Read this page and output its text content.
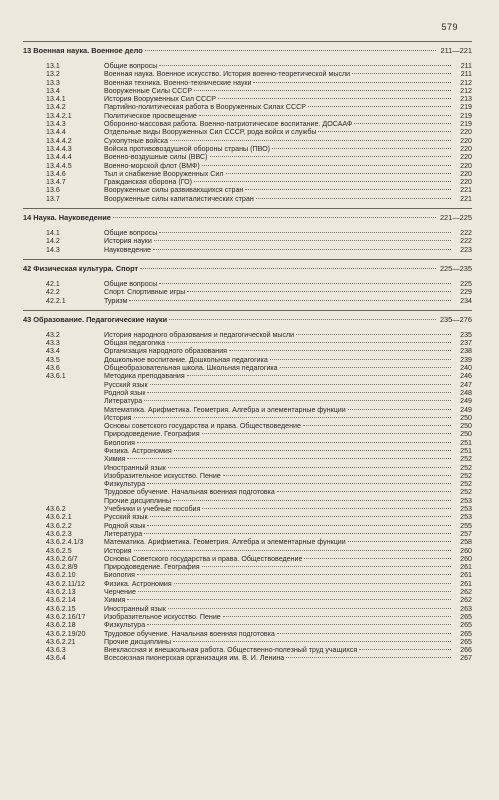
579
13 Военная наука. Военное дело	211—221
13.1	Общие вопросы	211
13.2	Военная наука. Военное искусство. История военно-теоретической мысли	211
13.3	Военная техника. Военно-технические науки	212
13.4	Вооруженные Силы СССР	212
13.4.1	История Вооруженных Сил СССР	213
13.4.2	Партийно-политическая работа в Вооруженных Силах СССР	219
13.4.2.1	Политическое просвещение	219
13.4.3	Оборонно-массовая работа. Военно-патриотическое воспитание. ДОСААФ	219
13.4.4	Отдельные виды Вооруженных Сил СССР, рода войск и службы	220
13.4.4.2	Сухопутные войска	220
13.4.4.3	Войска противовоздушной обороны страны (ПВО)	220
13.4.4.4	Военно-воздушные силы (ВВС)	220
13.4.4.5	Военно-морской флот (ВМФ)	220
13.4.6	Тыл и снабжение Вооруженных Сил	220
13.4.7	Гражданская оборона (ГО)	220
13.6	Вооруженные силы развивающихся стран	221
13.7	Вооруженные силы капиталистических стран	221
14 Наука. Науковедение	221—225
14.1	Общие вопросы	222
14.2	История науки	222
14.3	Науковедение	223
42 Физическая культура. Спорт	225—235
42.1	Общие вопросы	225
42.2	Спорт. Спортивные игры	229
42.2.1	Туризм	234
43 Образование. Педагогические науки	235—276
43.2	История народного образования и педагогической мысли	235
43.3	Общая педагогика	237
43.4	Организация народного образования	238
43.5	Дошкольное воспитание. Дошкольная педагогика	239
43.6	Общеобразовательная школа. Школьная педагогика	240
43.6.1	Методика преподавания	246
Русский язык	247
Родной язык	248
Литература	249
Математика. Арифметика. Геометрия. Алгебра и элементарные функции	249
История	250
Основы советского государства и права. Обществоведение	250
Природоведение. География	250
Биология	251
Физика. Астрономия	251
Химия	252
Иностранный язык	252
Изобразительное искусство. Пение	252
Физкультура	252
Трудовое обучение. Начальная военная подготовка	252
Прочие дисциплины	253
43.6.2	Учебники и учебные пособия	253
43.6.2.1	Русский язык	253
43.6.2.2	Родной язык	255
43.6.2.3	Литература	257
43.6.2.4.1/3	Математика. Арифметика. Геометрия. Алгебра и элементарные функции	258
43.6.2.5	История	260
43.6.2.6/7	Основы Советского государства и права. Обществоведение	260
43.6.2.8/9	Природоведение. География	261
43.6.2.10	Биология	261
43.6.2.11/12	Физика. Астрономия	261
43.6.2.13	Черчение	262
43.6.2.14	Химия	262
43.6.2.15	Иностранный язык	263
43.6.2.16/17	Изобразительное искусство. Пение	265
43.6.2.18	Физкультура	265
43.6.2.19/20	Трудовое обучение. Начальная военная подготовка	265
43.6.2.21	Прочие дисциплины	265
43.6.3	Внеклассная и внешкольная работа. Общественно-полезный труд учащихся	266
43.6.4	Всесоюзная пионерская организация им. В. И. Ленина	267
